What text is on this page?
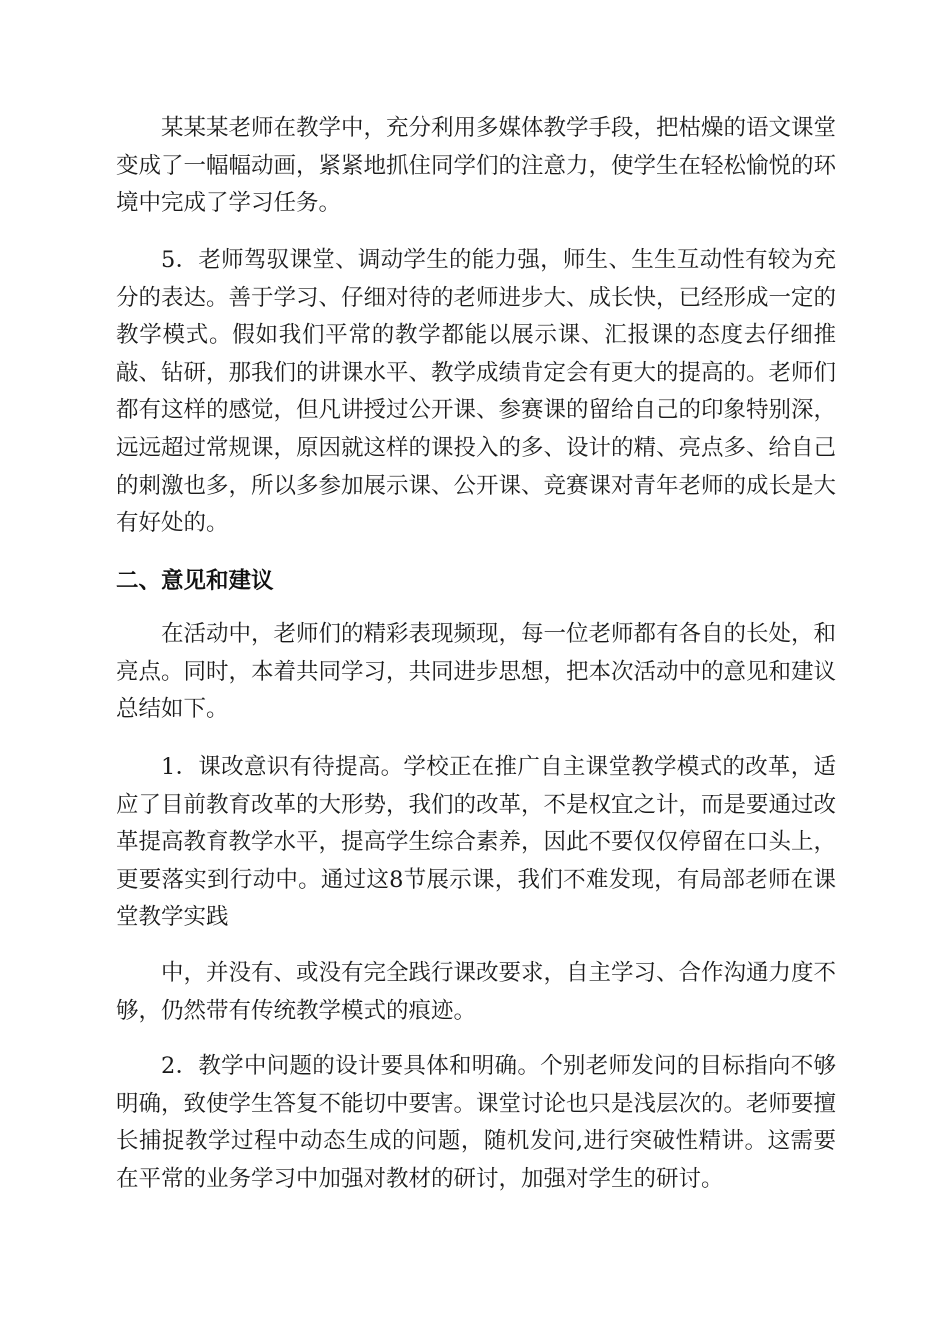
某某某老师在教学中，充分利用多媒体教学手段，把枯燥的语文课堂变成了一幅幅动画，紧紧地抓住同学们的注意力，使学生在轻松愉悦的环境中完成了学习任务。

5．老师驾驭课堂、调动学生的能力强，师生、生生互动性有较为充分的表达。善于学习、仔细对待的老师进步大、成长快，已经形成一定的教学模式。假如我们平常的教学都能以展示课、汇报课的态度去仔细推敲、钻研，那我们的讲课水平、教学成绩肯定会有更大的提高的。老师们都有这样的感觉，但凡讲授过公开课、参赛课的留给自己的印象特别深，远远超过常规课，原因就这样的课投入的多、设计的精、亮点多、给自己的刺激也多，所以多参加展示课、公开课、竞赛课对青年老师的成长是大有好处的。

二、意见和建议

在活动中，老师们的精彩表现频现，每一位老师都有各自的长处，和亮点。同时，本着共同学习，共同进步思想，把本次活动中的意见和建议总结如下。

1．课改意识有待提高。学校正在推广自主课堂教学模式的改革，适应了目前教育改革的大形势，我们的改革，不是权宜之计，而是要通过改革提高教育教学水平，提高学生综合素养，因此不要仅仅停留在口头上，更要落实到行动中。通过这8节展示课，我们不难发现，有局部老师在课堂教学实践

中，并没有、或没有完全践行课改要求，自主学习、合作沟通力度不够，仍然带有传统教学模式的痕迹。

2．教学中问题的设计要具体和明确。个别老师发问的目标指向不够明确，致使学生答复不能切中要害。课堂讨论也只是浅层次的。老师要擅长捕捉教学过程中动态生成的问题，随机发问,进行突破性精讲。这需要在平常的业务学习中加强对教材的研讨，加强对学生的研讨。
